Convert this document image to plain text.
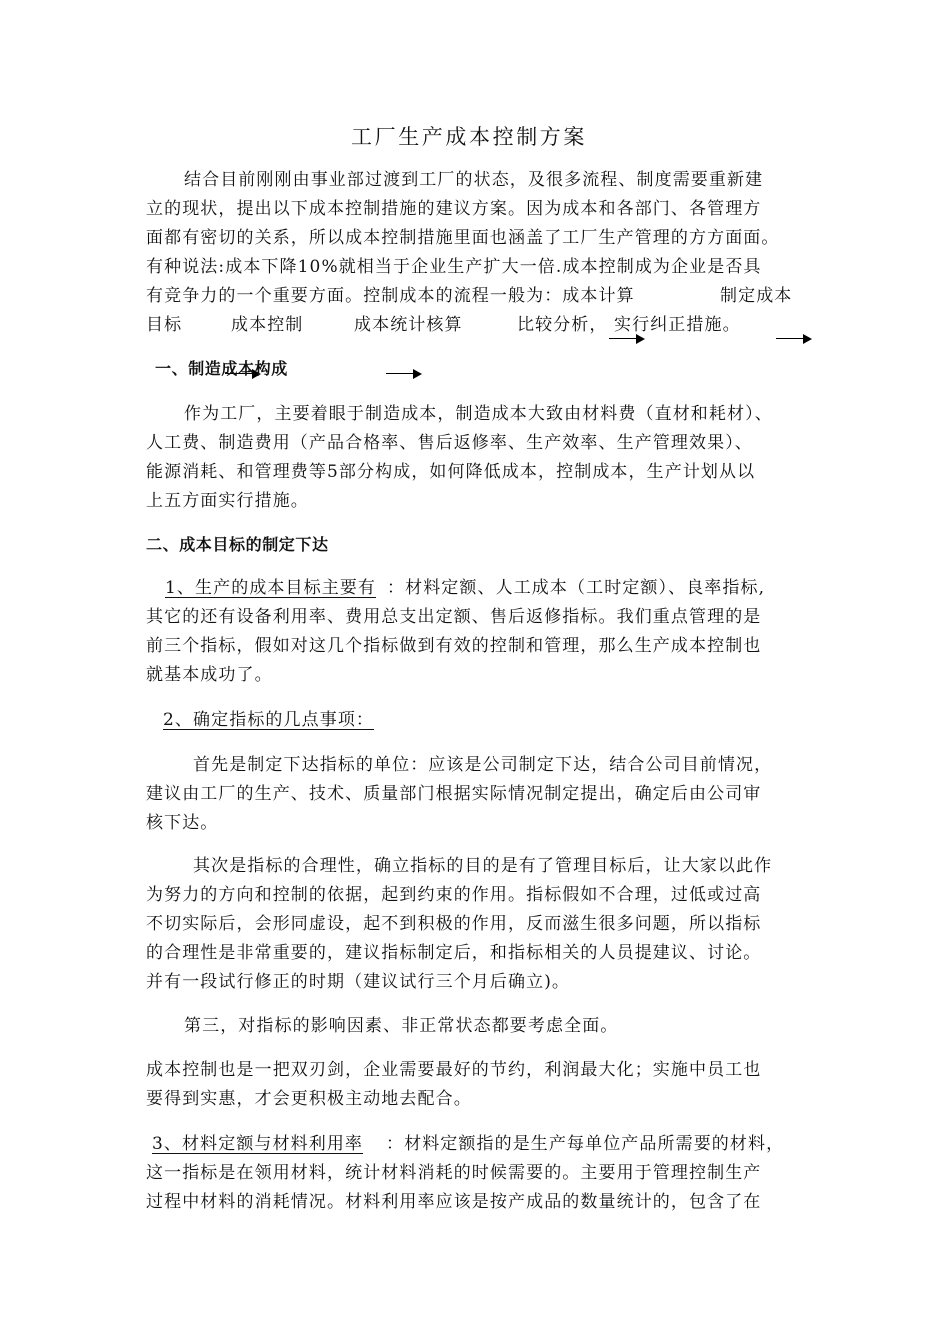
工厂生产成本控制方案
结合目前刚刚由事业部过渡到工厂的状态，及很多流程、制度需要重新建
立的现状，提出以下成本控制措施的建议方案。因为成本和各部门、各管理方
面都有密切的关系，所以成本控制措施里面也涵盖了工厂生产管理的方方面面。
有种说法:成本下降10%就相当于企业生产扩大一倍.成本控制成为企业是否具
有竞争力的一个重要方面。控制成本的流程一般为：成本计算	制定成本
目标	成本控制	成本统计核算	比较分析， 实行纠正措施。
一、制造成本构成
作为工厂，主要着眼于制造成本，制造成本大致由材料费（直材和耗材）、
人工费、制造费用（产品合格率、售后返修率、生产效率、生产管理效果）、
能源消耗、和管理费等5部分构成，如何降低成本，控制成本，生产计划从以
上五方面实行措施。
二、成本目标的制定下达
1、生产的成本目标主要有 ：材料定额、人工成本（工时定额）、良率指标,
其它的还有设备利用率、费用总支出定额、售后返修指标。我们重点管理的是
前三个指标，假如对这几个指标做到有效的控制和管理，那么生产成本控制也
就基本成功了。
2、确定指标的几点事项：
首先是制定下达指标的单位：应该是公司制定下达，结合公司目前情况，
建议由工厂的生产、技术、质量部门根据实际情况制定提出，确定后由公司审
核下达。
其次是指标的合理性，确立指标的目的是有了管理目标后，让大家以此作
为努力的方向和控制的依据，起到约束的作用。指标假如不合理，过低或过高
不切实际后，会形同虚设，起不到积极的作用，反而滋生很多问题，所以指标
的合理性是非常重要的，建议指标制定后，和指标相关的人员提建议、讨论。
并有一段试行修正的时期（建议试行三个月后确立)。
第三，对指标的影响因素、非正常状态都要考虑全面。
成本控制也是一把双刃剑，企业需要最好的节约，利润最大化；实施中员工也
要得到实惠，才会更积极主动地去配合。
3、材料定额与材料利用率 ：材料定额指的是生产每单位产品所需要的材料，
这一指标是在领用材料，统计材料消耗的时候需要的。主要用于管理控制生产
过程中材料的消耗情况。材料利用率应该是按产成品的数量统计的，包含了在
